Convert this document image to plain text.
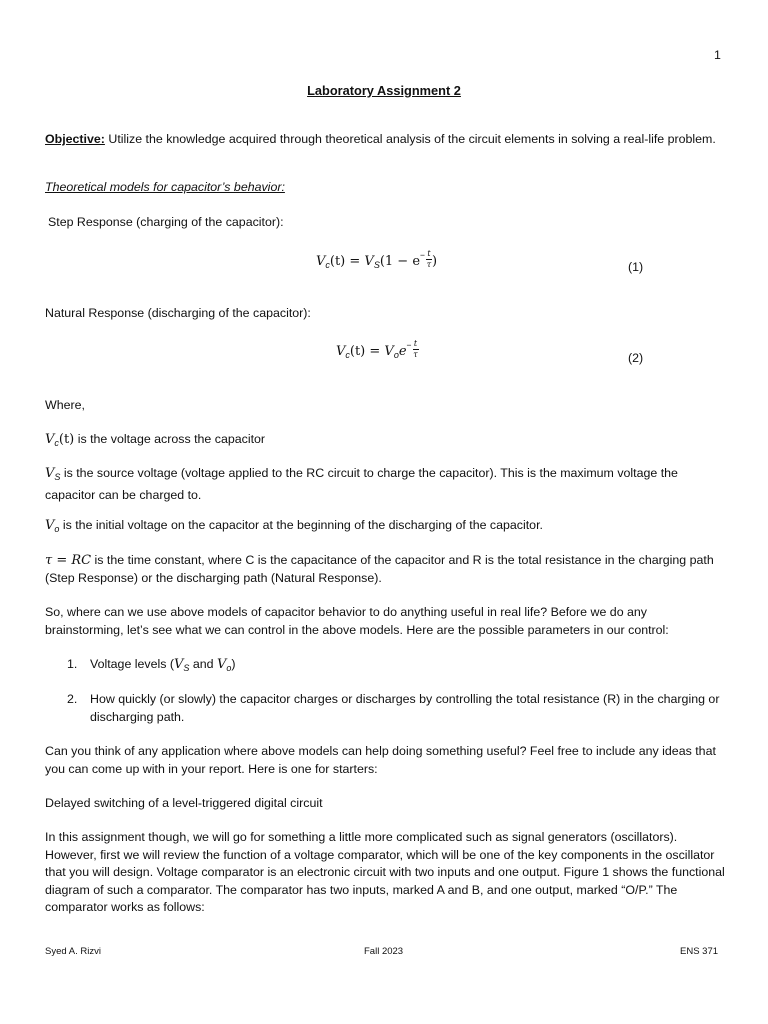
1
Laboratory Assignment 2
Objective: Utilize the knowledge acquired through theoretical analysis of the circuit elements in solving a real-life problem.
Theoretical models for capacitor’s behavior:
Step Response (charging of the capacitor):
$V_c(t) = V_S(1 - e^- \frac{t}{\tau}$ )	(1)
Natural Response (discharging of the capacitor):
$V_c(t) = V_oe^- \frac{t}{\tau}$	(2)
Where,
$V_c(t)$ is the voltage across the capacitor
$V_S$ is the source voltage (voltage applied to the RC circuit to charge the capacitor). This is the maximum voltage the capacitor can be charged to.
$V_o$ is the initial voltage on the capacitor at the beginning of the discharging of the capacitor.
τ = RC is the time constant, where C is the capacitance of the capacitor and R is the total resistance in the charging path (Step Response) or the discharging path (Natural Response).
So, where can we use above models of capacitor behavior to do anything useful in real life? Before we do any brainstorming, let’s see what we can control in the above models. Here are the possible parameters in our control:
1. Voltage levels ($V_S$ and $V_o$)
2. How quickly (or slowly) the capacitor charges or discharges by controlling the total resistance (R) in the charging or discharging path.
Can you think of any application where above models can help doing something useful? Feel free to include any ideas that you can come up with in your report. Here is one for starters:
Delayed switching of a level-triggered digital circuit
In this assignment though, we will go for something a little more complicated such as signal generators (oscillators). However, first we will review the function of a voltage comparator, which will be one of the key components in the oscillator that you will design. Voltage comparator is an electronic circuit with two inputs and one output. Figure 1 shows the functional diagram of such a comparator. The comparator has two inputs, marked A and B, and one output, marked “O/P.” The comparator works as follows:
Syed A. Rizvi	Fall 2023	ENS 371
